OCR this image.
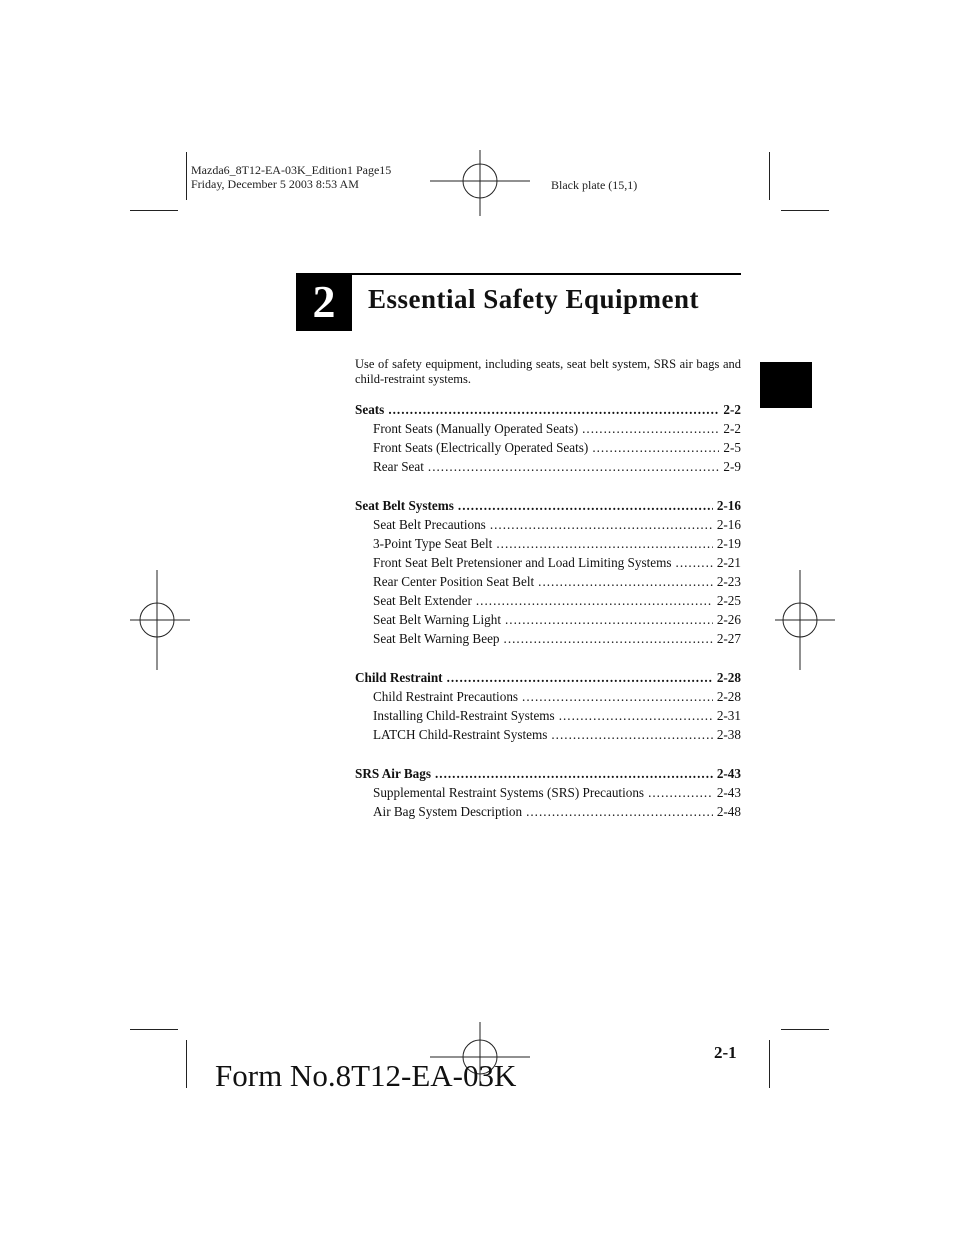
Mazda6_8T12-EA-03K_Edition1 Page15
Friday, December 5 2003 8:53 AM	Black plate (15,1)
2	Essential Safety Equipment
Use of safety equipment, including seats, seat belt system, SRS air bags and child-restraint systems.
Seats .....	2-2
Front Seats (Manually Operated Seats) .....	2-2
Front Seats (Electrically Operated Seats) .....	2-5
Rear Seat .....	2-9
Seat Belt Systems .....	2-16
Seat Belt Precautions .....	2-16
3-Point Type Seat Belt .....	2-19
Front Seat Belt Pretensioner and Load Limiting Systems .....	2-21
Rear Center Position Seat Belt .....	2-23
Seat Belt Extender .....	2-25
Seat Belt Warning Light .....	2-26
Seat Belt Warning Beep .....	2-27
Child Restraint .....	2-28
Child Restraint Precautions .....	2-28
Installing Child-Restraint Systems .....	2-31
LATCH Child-Restraint Systems .....	2-38
SRS Air Bags .....	2-43
Supplemental Restraint Systems (SRS) Precautions .....	2-43
Air Bag System Description .....	2-48
2-1
Form No.8T12-EA-03K
